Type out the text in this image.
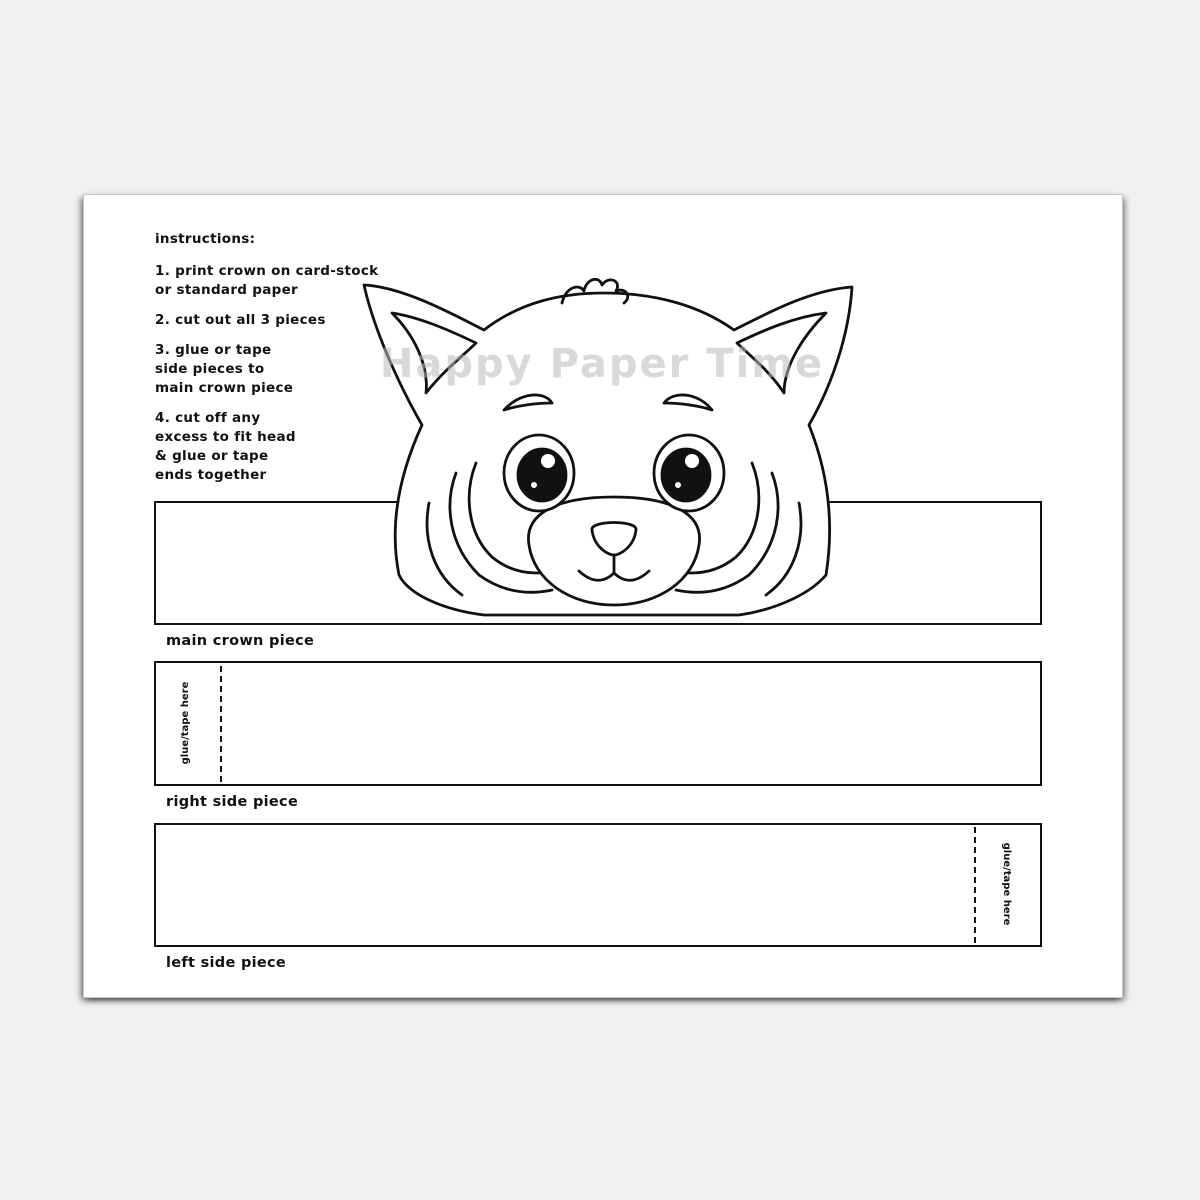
instructions:
1. print crown on card-stock or standard paper
2. cut out all 3 pieces
3. glue or tape side pieces to main crown piece
4. cut off any excess to fit head & glue or tape ends together
main crown piece
Happy Paper Time
glue/tape here
right side piece
glue/tape here
left side piece
